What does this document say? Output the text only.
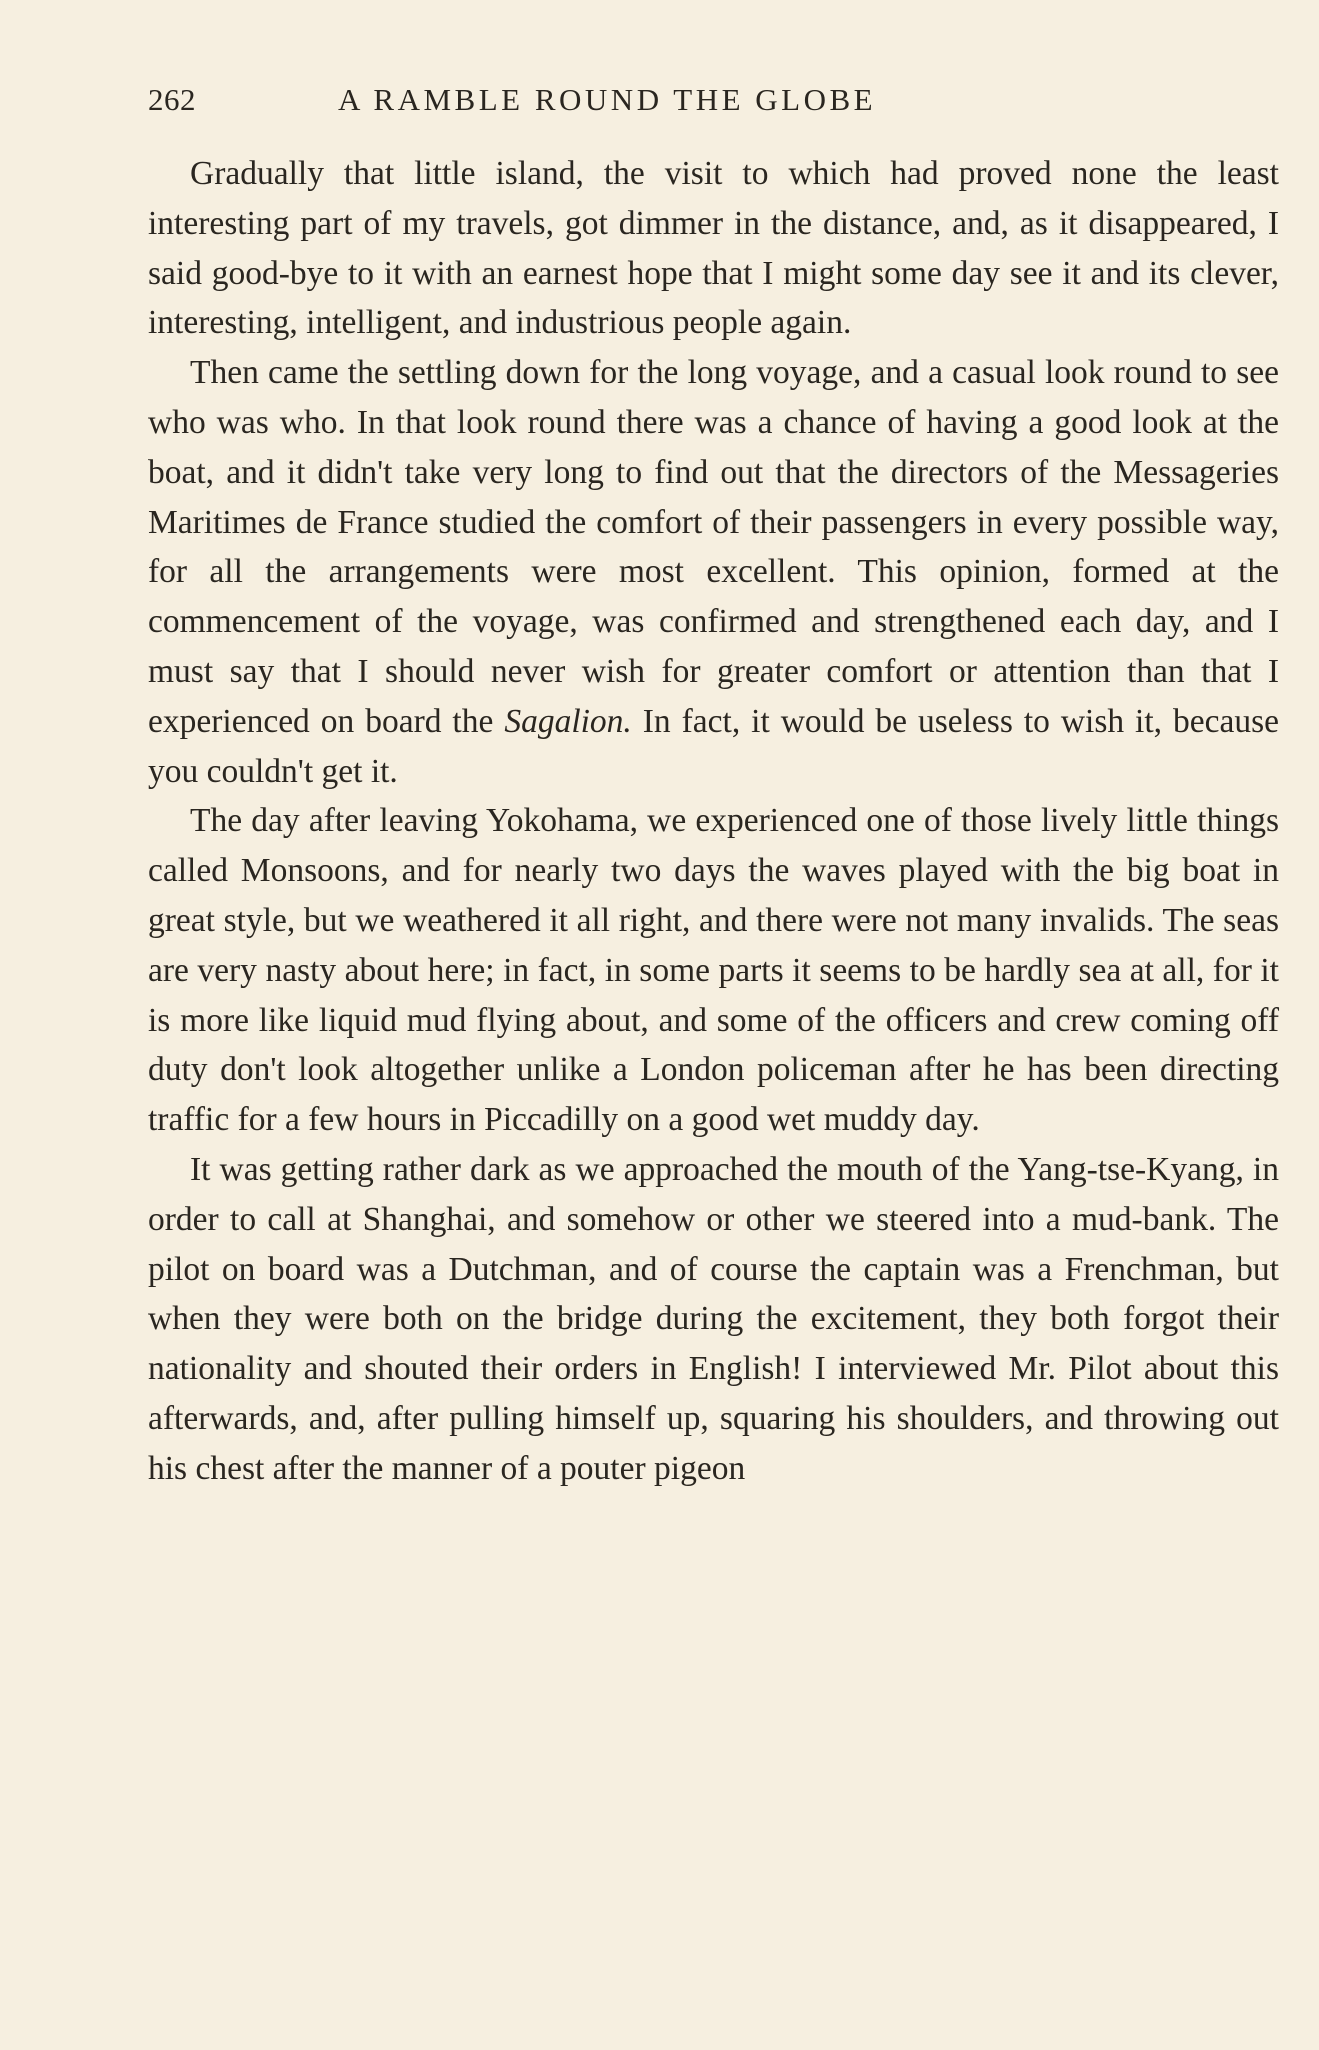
262	A RAMBLE ROUND THE GLOBE

Gradually that little island, the visit to which had proved none the least interesting part of my travels, got dimmer in the distance, and, as it disappeared, I said good-bye to it with an earnest hope that I might some day see it and its clever, interesting, intelligent, and industrious people again.

Then came the settling down for the long voyage, and a casual look round to see who was who. In that look round there was a chance of having a good look at the boat, and it didn't take very long to find out that the directors of the Messageries Maritimes de France studied the comfort of their passengers in every possible way, for all the arrangements were most excellent. This opinion, formed at the commencement of the voyage, was confirmed and strengthened each day, and I must say that I should never wish for greater comfort or attention than that I experienced on board the Sagalion. In fact, it would be useless to wish it, because you couldn't get it.

The day after leaving Yokohama, we experienced one of those lively little things called Monsoons, and for nearly two days the waves played with the big boat in great style, but we weathered it all right, and there were not many invalids. The seas are very nasty about here; in fact, in some parts it seems to be hardly sea at all, for it is more like liquid mud flying about, and some of the officers and crew coming off duty don't look altogether unlike a London policeman after he has been directing traffic for a few hours in Piccadilly on a good wet muddy day.

It was getting rather dark as we approached the mouth of the Yang-tse-Kyang, in order to call at Shanghai, and somehow or other we steered into a mud-bank. The pilot on board was a Dutchman, and of course the captain was a Frenchman, but when they were both on the bridge during the excitement, they both forgot their nationality and shouted their orders in English! I interviewed Mr. Pilot about this afterwards, and, after pulling himself up, squaring his shoulders, and throwing out his chest after the manner of a pouter pigeon
